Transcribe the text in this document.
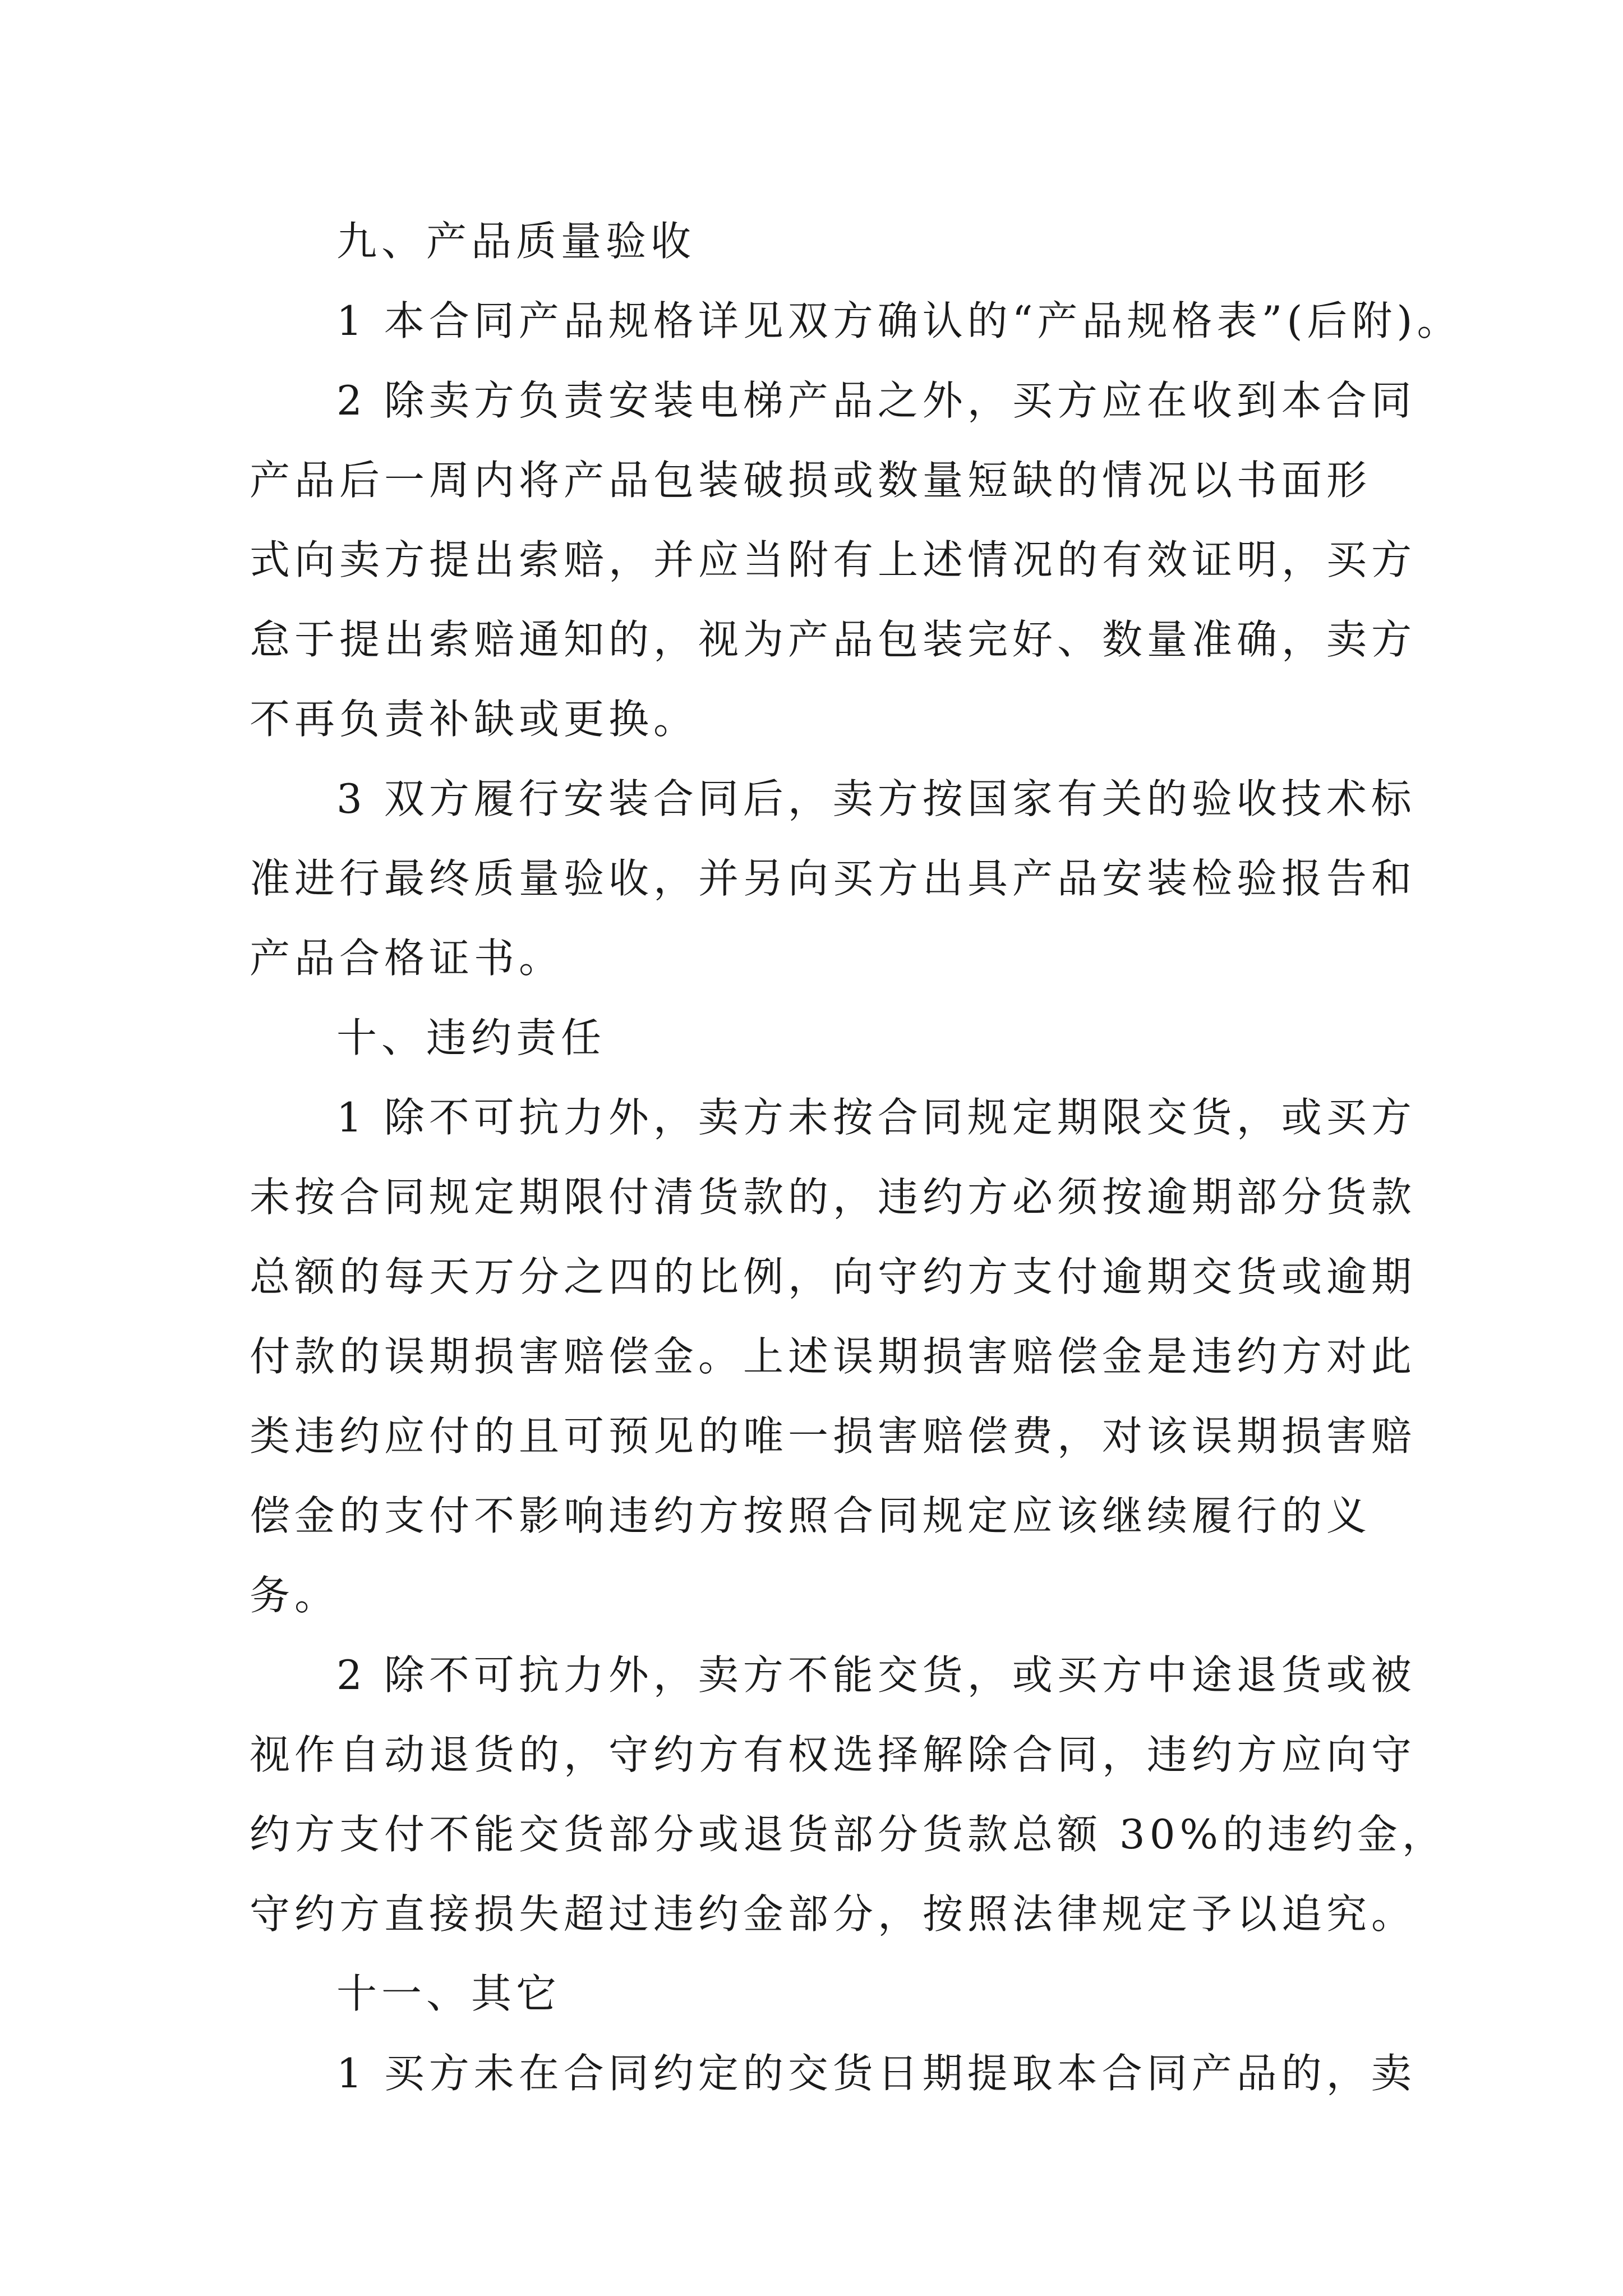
九、产品质量验收

1 本合同产品规格详见双方确认的“产品规格表”(后附)。

2 除卖方负责安装电梯产品之外，买方应在收到本合同

产品后一周内将产品包装破损或数量短缺的情况以书面形

式向卖方提出索赔，并应当附有上述情况的有效证明，买方

怠于提出索赔通知的，视为产品包装完好、数量准确，卖方

不再负责补缺或更换。

3 双方履行安装合同后，卖方按国家有关的验收技术标

准进行最终质量验收，并另向买方出具产品安装检验报告和

产品合格证书。

十、违约责任

1 除不可抗力外，卖方未按合同规定期限交货，或买方

未按合同规定期限付清货款的，违约方必须按逾期部分货款

总额的每天万分之四的比例，向守约方支付逾期交货或逾期

付款的误期损害赔偿金。上述误期损害赔偿金是违约方对此

类违约应付的且可预见的唯一损害赔偿费，对该误期损害赔

偿金的支付不影响违约方按照合同规定应该继续履行的义

务。

2 除不可抗力外，卖方不能交货，或买方中途退货或被

视作自动退货的，守约方有权选择解除合同，违约方应向守

约方支付不能交货部分或退货部分货款总额 30%的违约金，

守约方直接损失超过违约金部分，按照法律规定予以追究。

十一、其它

1 买方未在合同约定的交货日期提取本合同产品的，卖
